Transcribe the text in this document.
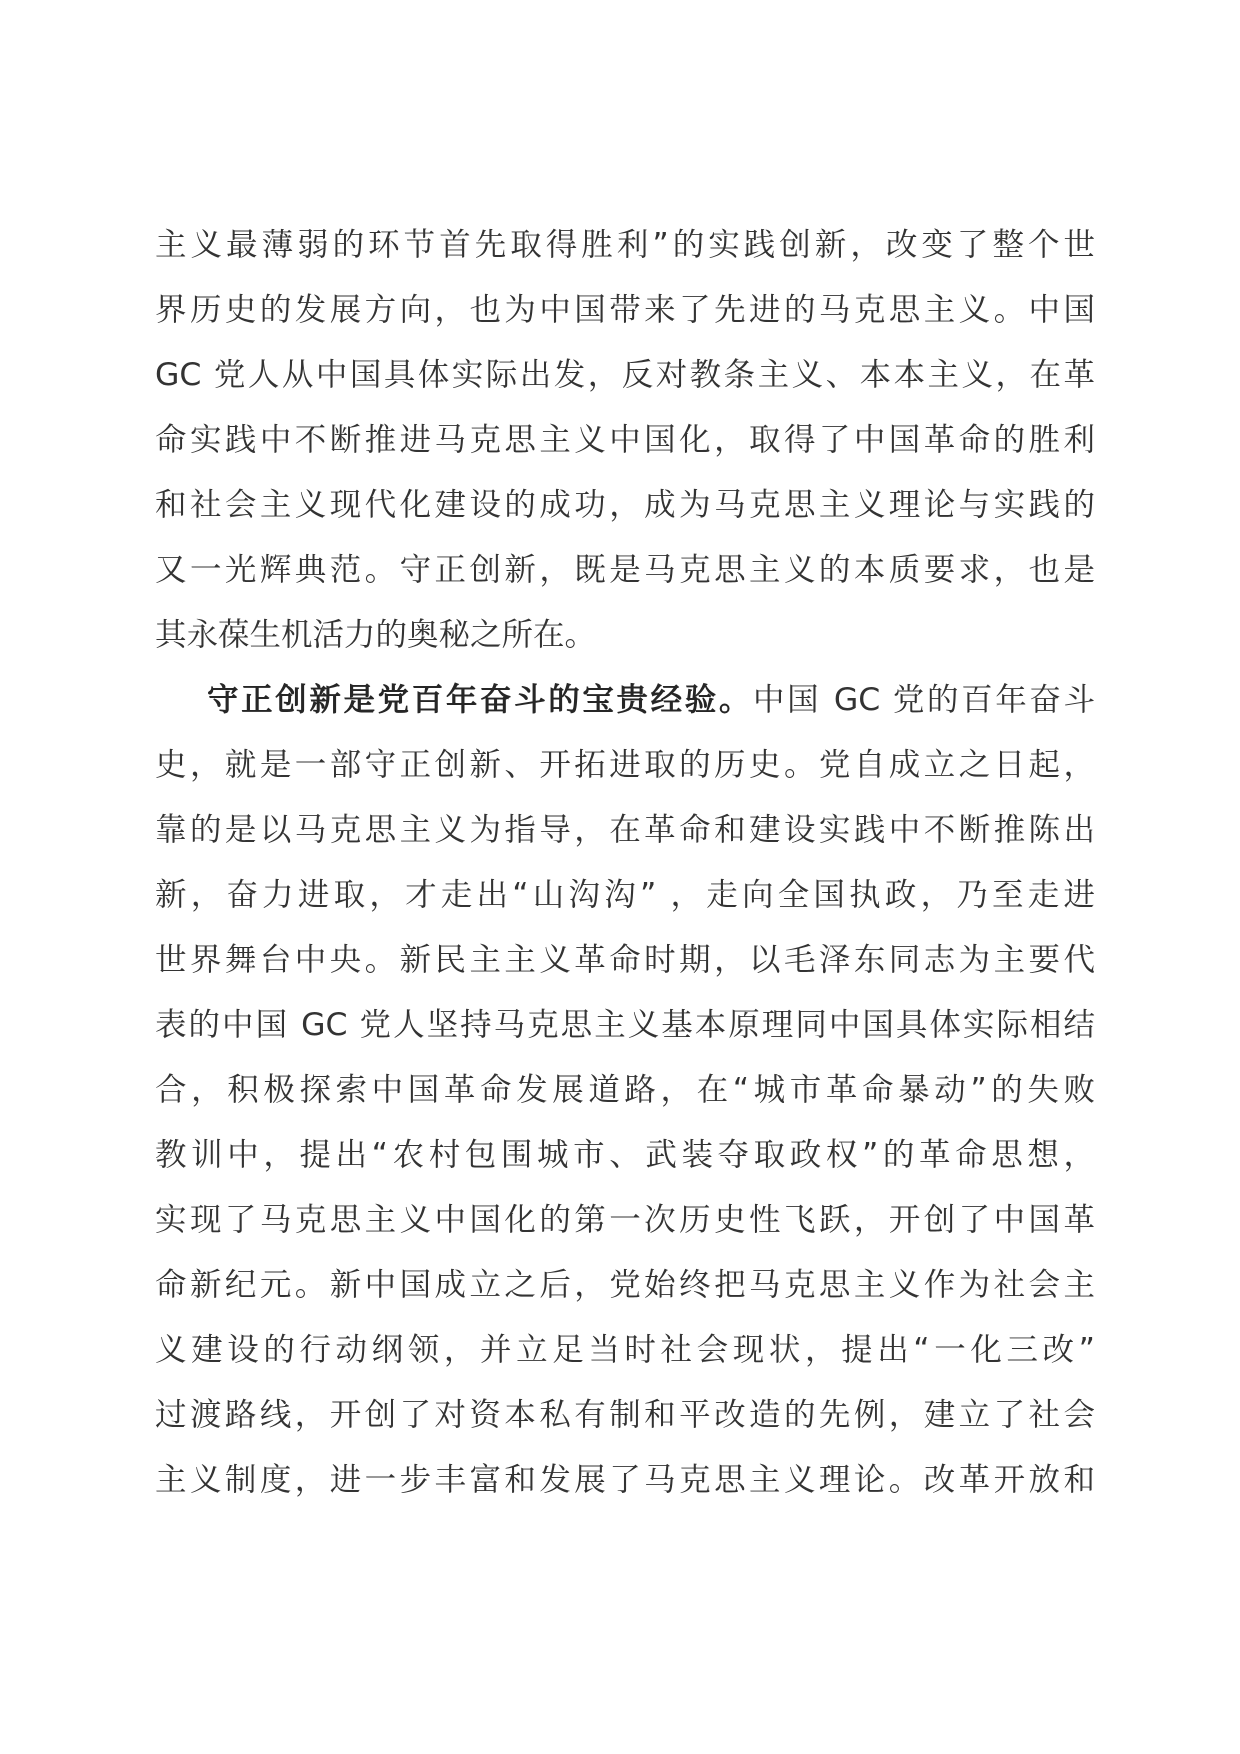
主义最薄弱的环节首先取得胜利”的实践创新，改变了整个世
界历史的发展方向，也为中国带来了先进的马克思主义。中国
GC 党人从中国具体实际出发，反对教条主义、本本主义，在革
命实践中不断推进马克思主义中国化，取得了中国革命的胜利
和社会主义现代化建设的成功，成为马克思主义理论与实践的
又一光辉典范。守正创新，既是马克思主义的本质要求，也是
其永葆生机活力的奥秘之所在。
守正创新是党百年奋斗的宝贵经验。中国 GC 党的百年奋斗
史，就是一部守正创新、开拓进取的历史。党自成立之日起，
靠的是以马克思主义为指导，在革命和建设实践中不断推陈出
新，奋力进取，才走出“山沟沟” ，走向全国执政，乃至走进
世界舞台中央。新民主主义革命时期，以毛泽东同志为主要代
表的中国 GC 党人坚持马克思主义基本原理同中国具体实际相结
合，积极探索中国革命发展道路，在“城市革命暴动”的失败
教训中，提出“农村包围城市、武装夺取政权”的革命思想，
实现了马克思主义中国化的第一次历史性飞跃，开创了中国革
命新纪元。新中国成立之后，党始终把马克思主义作为社会主
义建设的行动纲领，并立足当时社会现状，提出“一化三改”
过渡路线，开创了对资本私有制和平改造的先例，建立了社会
主义制度，进一步丰富和发展了马克思主义理论。改革开放和
